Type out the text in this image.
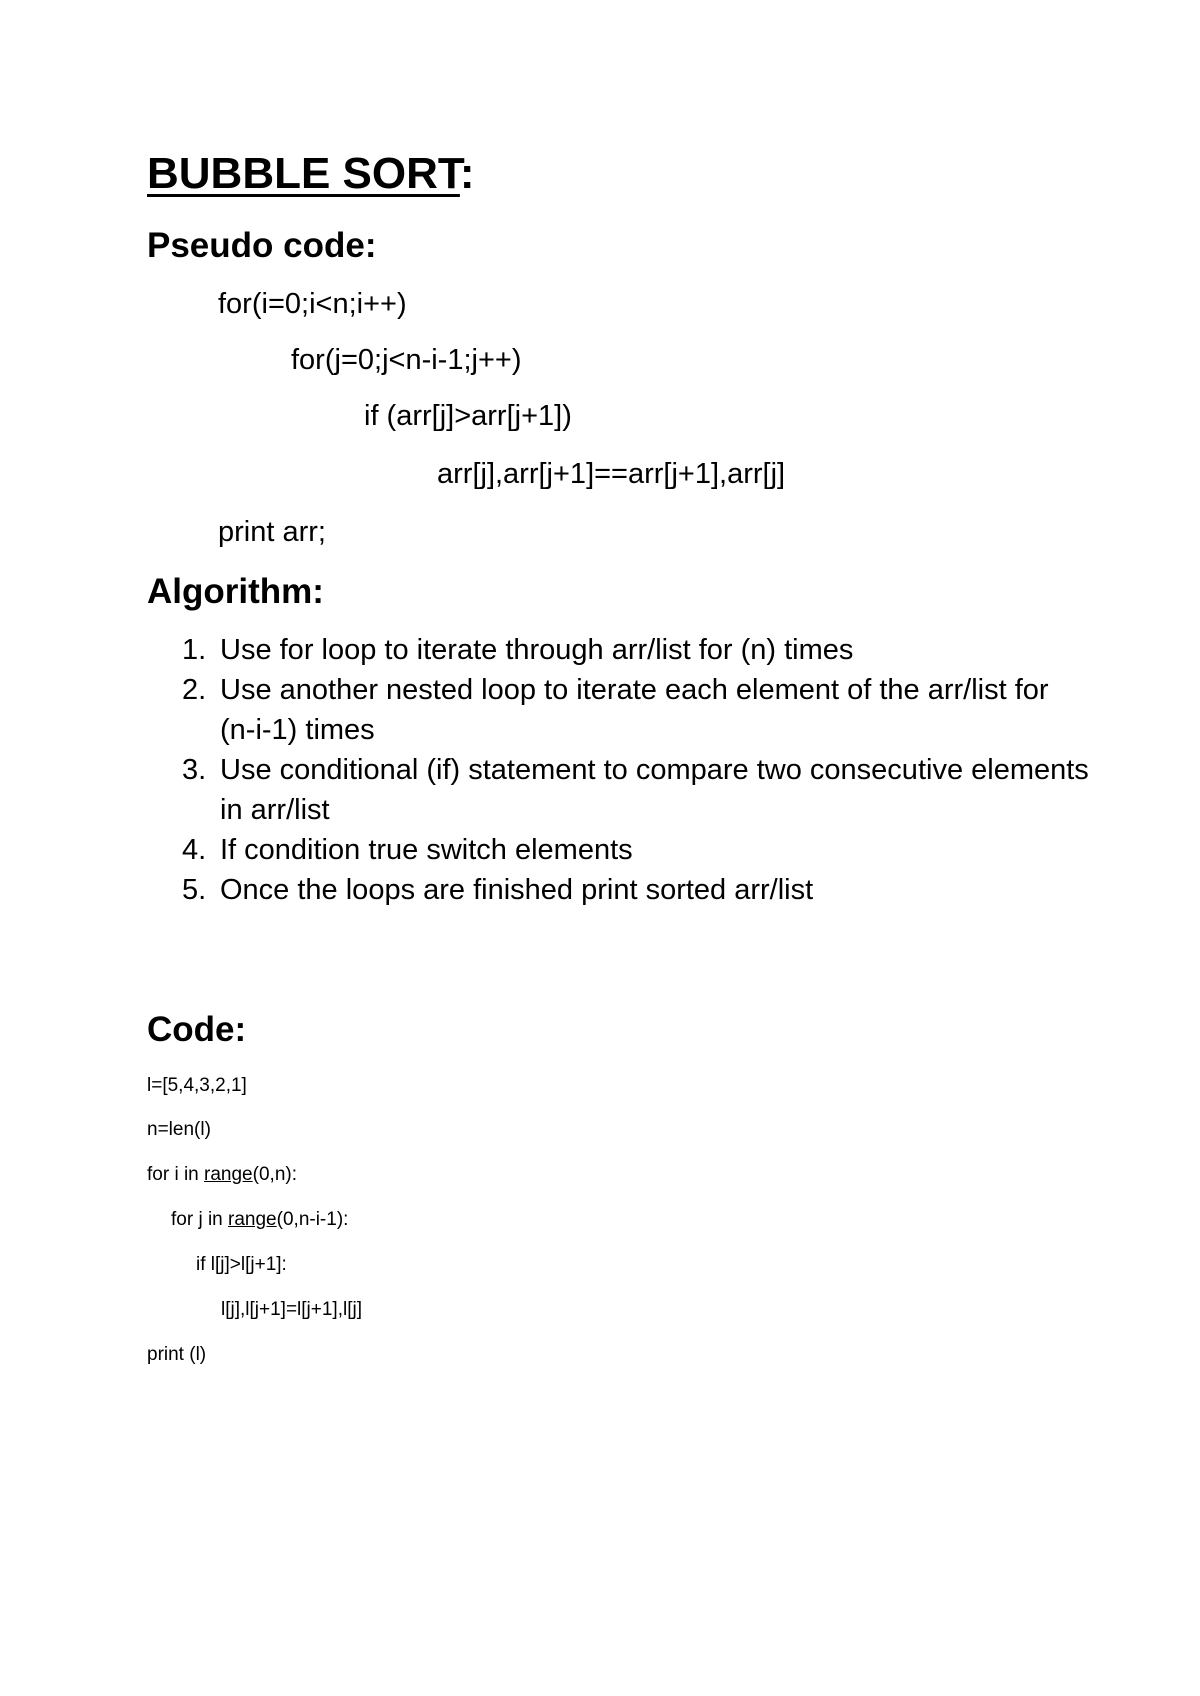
BUBBLE SORT:
Pseudo code:
for(i=0;i<n;i++)
for(j=0;j<n-i-1;j++)
if (arr[j]>arr[j+1])
arr[j],arr[j+1]==arr[j+1],arr[j]
print arr;
Algorithm:
1. Use for loop to iterate through arr/list for (n) times
2. Use another nested loop to iterate each element of the arr/list for (n-i-1) times
3. Use conditional (if) statement to compare two consecutive elements in arr/list
4. If condition true switch elements
5. Once the loops are finished print sorted arr/list
Code:
l=[5,4,3,2,1]
n=len(l)
for i in range(0,n):
for j in range(0,n-i-1):
if l[j]>l[j+1]:
l[j],l[j+1]=l[j+1],l[j]
print (l)
